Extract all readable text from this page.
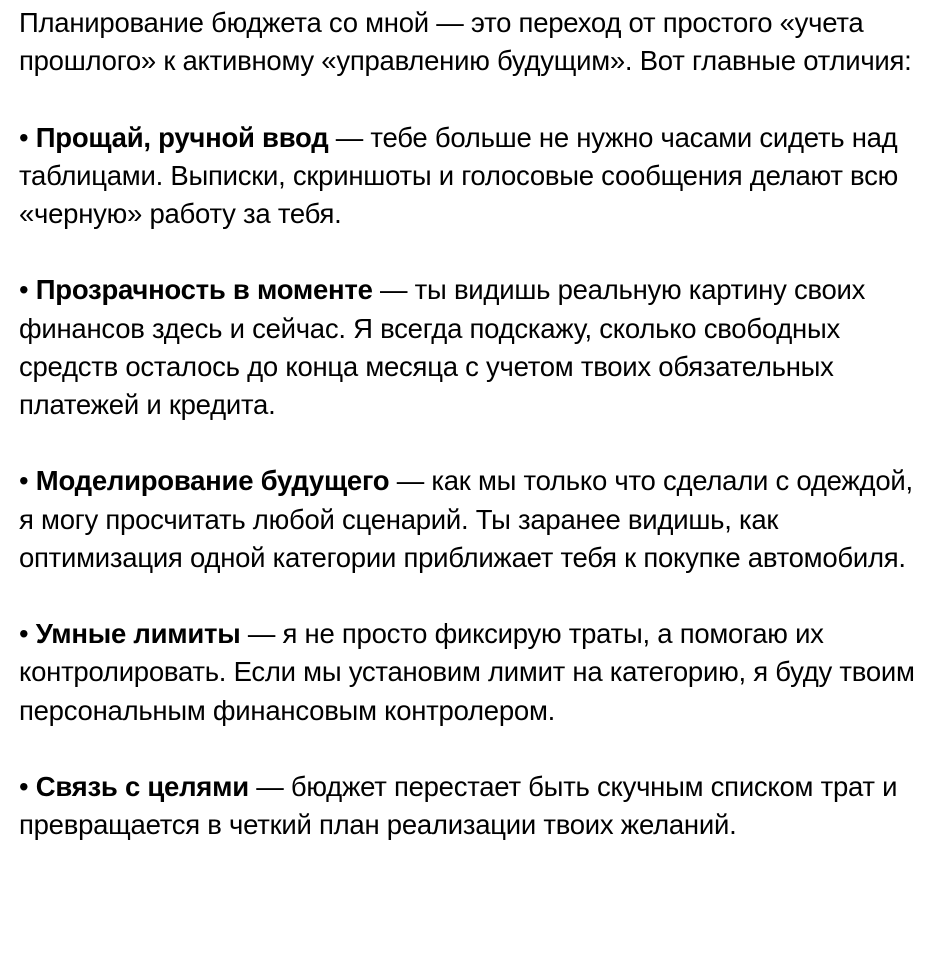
Планирование бюджета со мной — это переход от простого «учета прошлого» к активному «управлению будущим». Вот главные отличия:

• Прощай, ручной ввод — тебе больше не нужно часами сидеть над таблицами. Выписки, скриншоты и голосовые сообщения делают всю «черную» работу за тебя.

• Прозрачность в моменте — ты видишь реальную картину своих финансов здесь и сейчас. Я всегда подскажу, сколько свободных средств осталось до конца месяца с учетом твоих обязательных платежей и кредита.

• Моделирование будущего — как мы только что сделали с одеждой, я могу просчитать любой сценарий. Ты заранее видишь, как оптимизация одной категории приближает тебя к покупке автомобиля.

• Умные лимиты — я не просто фиксирую траты, а помогаю их контролировать. Если мы установим лимит на категорию, я буду твоим персональным финансовым контролером.

• Связь с целями — бюджет перестает быть скучным списком трат и превращается в четкий план реализации твоих желаний.
